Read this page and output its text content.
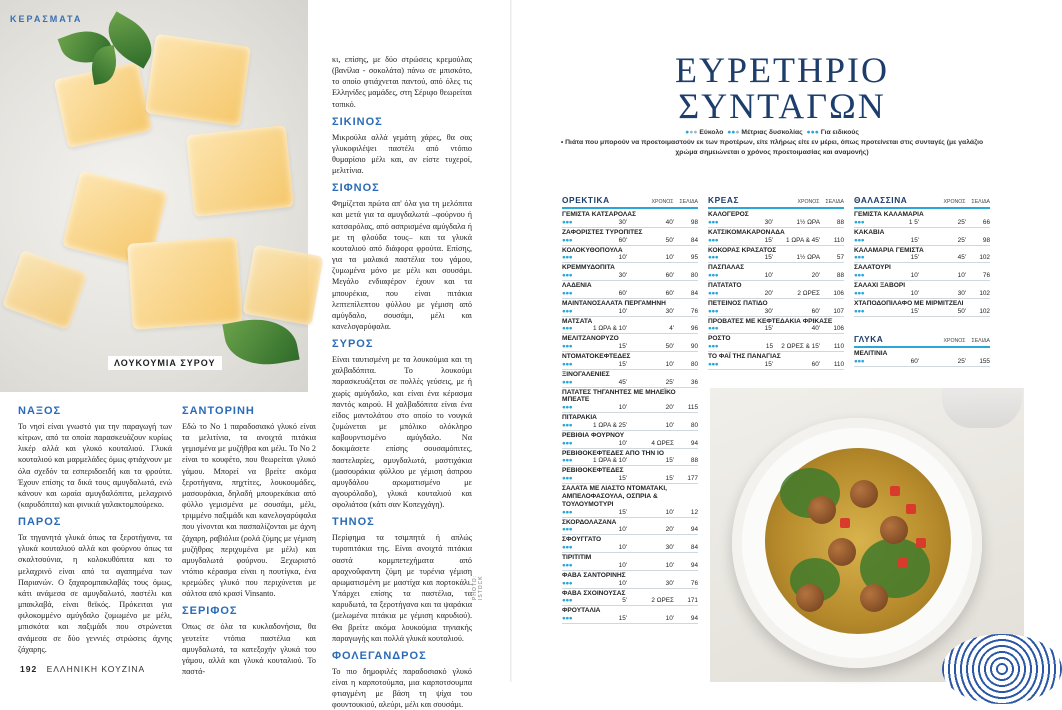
ΚΕΡΑΣΜΑΤΑ
ΛΟΥΚΟΥΜΙΑ ΣΥΡΟΥ
ΝΑΞΟΣ

Το νησί είναι γνωστό για την παραγωγή των κίτρων, από τα οποία παρασκευάζουν κυρίως λικέρ αλλά και γλυκό κουταλιού. Γλυκά κουταλιού και μαρμελάδες όμως φτιάχνουν με όλα σχεδόν τα εσπεριδοειδή και τα φρούτα. Έχουν επίσης τα δικά τους αμυγδαλωτά, ενώ κάνουν και ωραία αμυγδαλόπιτα, μελαχρινό (καρυδόπιτα) και φινικιά γαλακτομπούρεκο.

ΠΑΡΟΣ

Τα τηγανητά γλυκά όπως τα ξεροτήγανα, τα γλυκά κουταλιού αλλά και φούρνου όπως τα σκαλτσούνια, η κολοκυθόπιτα και το μελαχρινό είναι από τα αγαπημένα των Παριανών. Ο ξαχαρομπακλαβάς τους όμως, κάτι ανάμεσα σε αμυγδαλωτό, παστέλι και μπακλαβά, είναι θεϊκός. Πρόκειται για φιλοκομμένο αμύγδαλο ζυμωμένο με μέλι, μπισκότα και παξιμάδι που στρώνεται ανάμεσα σε δύο γεννιές στρώσεις άχνης ζάχαρης.

ΣΑΝΤΟΡΙΝΗ

Εδώ το Νο 1 παραδοσιακό γλυκό είναι τα μελιτίνια, τα ανοιχτά πιτάκια γεμισμένα με μυζήθρα και μέλι. Το Νο 2 είναι το κουφέτο, που θεωρείται γλυκό γάμου. Μπορεί να βρείτε ακόμα ξεροτήγανα, πηχτίτες, λουκουμάδες, μασουράκια, δηλαδή μπουρεκάκια από φύλλο γεμισμένα με σουσάμι, μέλι, τριμμένο παξιμάδι και κανελογαρύφαλα που γίνονται και πασπαλίζονται με άχνη ζάχαρη, ραβιόλια (ρολά ζύμης με γέμιση μυζήθρας περιχυμένα με μέλι) και αμυγδαλωτά φούρνου. Ξεχωριστό ντόπιο κέρασμα είναι η πουτίγκα, ένα κρεμώδες γλυκό που περιχύνεται με σάλτσα από κρασί Vinsanto.

ΣΕΡΙΦΟΣ

Όπως σε όλα τα κυκλαδονήσια, θα γευτείτε ντόπια παστέλια και αμυγδαλωτά, τα κατεξοχήν γλυκά του γάμου, αλλά και γλυκά κουταλιού. Το παστά-

κι, επίσης, με δύο στρώσεις κρεμούλας (βανίλια - σοκολάτα) πάνω σε μπισκότο, το οποίο φτιάχνεται παντού, από όλες τις Ελληνίδες μαμάδες, στη Σέριφο θεωρείται τοπικό.

ΣΙΚΙΝΟΣ

Μικρούλα αλλά γεμάτη χάρες, θα σας γλυκοφιλέψει παστέλι από ντόπιο θυμαρίσιο μέλι και, αν είστε τυχεροί, μελιτίνια.

ΣΙΦΝΟΣ

Φημίζεται πρώτα απ' όλα για τη μελόπιτα και μετά για τα αμυγδαλωτά –φούρνου ή κατσαρόλας, από ασπρισμένα αμύγδαλα ή με τη φλούδα τους– και τα γλυκά κουταλιού από διάφορα φρούτα. Επίσης, για τα μαλακά παστέλια του γάμου, ζυμωμένα μόνο με μέλι και σουσάμι. Μεγάλο ενδιαφέρον έχουν και τα μπουρέκια, που είναι πιτάκια λεπτεπίλεπτου φύλλου με γέμιση από αμύγδαλο, σουσάμι, μέλι και κανελογαρύφαλα.

ΣΥΡΟΣ

Είναι ταυτισμένη με τα λουκούμια και τη χαλβαδόπιτα. Το λουκούμι παρασκευάζεται σε πολλές γεύσεις, με ή χωρίς αμύγδαλο, και είναι ένα κέρασμα παντός καιρού. Η χαλβαδόπιτα είναι ένα είδος μαντολάτου στο οποίο το νουγκά ζυμώνεται με μπόλικο ολόκληρο καβουρντισμένο αμύγδαλο. Να δοκιμάσετε επίσης σουσαμόπιτες, παστελαρίες, αμυγδαλωτά, μαστιχάκια (μασουράκια φύλλου με γέμιση άσπρου αμυγδάλου αρωματισμένο με αγουρόλαδο), γλυκά κουταλιού και σφολιάτσα (κάτι σαν Κοπεγχάγη).

ΤΗΝΟΣ

Περίφημα τα τσιμπητά ή απλώς τυροπιτάκια της. Είναι ανοιχτά πιτάκια σαστά κομμπετεχήματα από αραχνοΰφαντη ζύμη με τυρένια γέμιση αρωματισμένη με μαστίχα και πορτοκάλι. Υπάρχει επίσης τα παστέλια, τα καρυδωτά, τα ξεροτήγανα και τα ψαράκια (μελωμένα πιτάκια με γέμιση καρυδιού). Θα βρείτε ακόμα λουκούμια τηνιακής παραγωγής και πολλά γλυκά κουταλιού.

ΦΟΛΕΓΑΝΔΡΟΣ

Το πιο δημοφιλές παραδοσιακό γλυκό είναι η καρποτούμπα, μια καρποτσουμπα φτιαγμένη με βάση τη ψίχα του φουντουκιού, αλεύρι, μέλι και σουσάμι.

PHOTO: ISTOCK
192 ΕΛΛΗΝΙΚΗ ΚΟΥΖΙΝΑ
ΕΥΡΕΤΗΡΙΟ
ΣΥΝΤΑΓΩΝ
●●● Εύκολο ●●● Μέτριας δυσκολίας ●●● Για ειδικούς
• Πιάτα που μπορούν να προετοιμαστούν εκ των προτέρων, είτε πλήρως είτε εν μέρει, όπως προτείνεται στις συνταγές (με γαλάζιο χρώμα σημειώνεται ο χρόνος προετοιμασίας και αναμονής)
ΟΡΕΚΤΙΚΑ	ΧΡΟΝΟΣ ΣΕΛΙΔΑ
ΓΕΜΙΣΤΑ ΚΑΤΣΑΡΟΛΑΣ
●●●	30'	40'	98
ΖΑΦΟΡΙΣΤΕΣ ΤΥΡΟΠΙΤΕΣ
●●●	60'	50'	84
ΚΟΛΟΚΥΘΟΠΟΥΛΑ
●●●	10'	10'	95
ΚΡΕΜΜΥΔΟΠΙΤΑ
●●●	30'	60'	80
ΛΑΔΕΝΙΑ
●●●	60'	60'	84
ΜΑΙΝΤΑΝΟΣΑΛΑΤΑ ΠΕΡΓΑΜΗΝΗ
●●●	10'	30'	76
ΜΑΤΣΑΤΑ
●●●	1 ΩΡΑ & 10'	4'	96
ΜΕΛΙΤΖΑΝΟΡΥΖΟ
●●●	15'	50'	90
ΝΤΟΜΑΤΟΚΕΦΤΕΔΕΣ
●●●	15'	10'	80
ΞΙΝΟΓΑΛΕΝΙΕΣ
●●●	45'	25'	36
ΠΑΤΑΤΕΣ ΤΗΓΑΝΗΤΕΣ ΜΕ ΜΗΛΕΪΚΟ ΜΠΕΑΤΕ
●●●	10'	20'	115
ΠΙΤΑΡΑΚΙΑ
●●●	1 ΩΡΑ & 25'	10'	80
ΡΕΒΙΘΙΑ ΦΟΥΡΝΟΥ
●●●	10'	4 ΩΡΕΣ	94
ΡΕΒΙΘΟΚΕΦΤΕΔΕΣ ΑΠΟ ΤΗΝ ΙΟ
●●●	1 ΩΡΑ & 10'	15'	88
ΡΕΒΙΘΟΚΕΦΤΕΔΕΣ
●●●	15'	15'	177
ΣΑΛΑΤΑ ΜΕ ΛΙΑΣΤΟ ΝΤΟΜΑΤΑΚΙ, ΑΜΠΕΛΟΦΑΣΟΥΛΑ, ΟΣΠΡΙΑ & ΤΟΥΛΟΥΜΟΤΥΡΙ
●●●	15'	10'	12
ΣΚΟΡΔΟΛΑΖΑΝΑ
●●●	10'	20'	94
ΣΦΟΥΓΓΑΤΟ
●●●	10'	30'	84
ΤΙΡΙΤΙΤΙΜ
●●●	10'	10'	94
ΦΑΒΑ ΣΑΝΤΟΡΙΝΗΣ
●●●	10'	30'	76
ΦΑΒΑ ΣΧΟΙΝΟΥΣΑΣ
●●●	5'	2 ΩΡΕΣ	171
ΦΡΟΥΤΑΛΙΑ
●●●	15'	10'	94
ΚΡΕΑΣ	ΧΡΟΝΟΣ ΣΕΛΙΔΑ
ΚΑΛΟΓΕΡΟΣ
●●●	30'	1½ ΩΡΑ	88
ΚΑΤΣΙΚΟΜΑΚΑΡΟΝΑΔΑ
●●●	15'	1 ΩΡΑ & 45'	110
ΚΟΚΟΡΑΣ ΚΡΑΣΑΤΟΣ
●●●	15'	1½ ΩΡΑ	57
ΠΑΣΠΑΛΑΣ
●●●	10'	20'	88
ΠΑΤΑΤΑΤΟ
●●●	20'	2 ΩΡΕΣ	106
ΠΕΤΕΙΝΟΣ ΠΑΤΙΔΟ
●●●	30'	60'	107
ΠΡΟΒΑΤΕΣ ΜΕ ΚΕΦΤΕΔΑΚΙΑ ΦΡΙΚΑΣΕ
●●●	15'	40'	106
ΡΟΣΤΟ
●●●	15	2 ΩΡΕΣ & 15'	110
ΤΟ ΦΑΪ ΤΗΣ ΠΑΝΑΓΙΑΣ
●●●	15'	60'	110
ΘΑΛΑΣΣΙΝΑ	ΧΡΟΝΟΣ ΣΕΛΙΔΑ
ΓΕΜΙΣΤΑ ΚΑΛΑΜΑΡΙΑ
●●●	1 5'	25'	66
ΚΑΚΑΒΙΑ
●●●	15'	25'	98
ΚΑΛΑΜΑΡΙΑ ΓΕΜΙΣΤΑ
●●●	15'	45'	102
ΣΑΛΑΤΟΥΡΙ
●●●	10'	10'	76
ΣΑΛΑΧΙ ΞΑΒΟΡΙ
●●●	10'	30'	102
ΧΤΑΠΟΔΟΠΙΛΑΦΟ ΜΕ ΜΙΡΜΙΤΖΕΛΙ
●●●	15'	50'	102
ΓΛΥΚΑ	ΧΡΟΝΟΣ ΣΕΛΙΔΑ
ΜΕΛΙΤΙΝΙΑ
●●●	60'	25'	155
